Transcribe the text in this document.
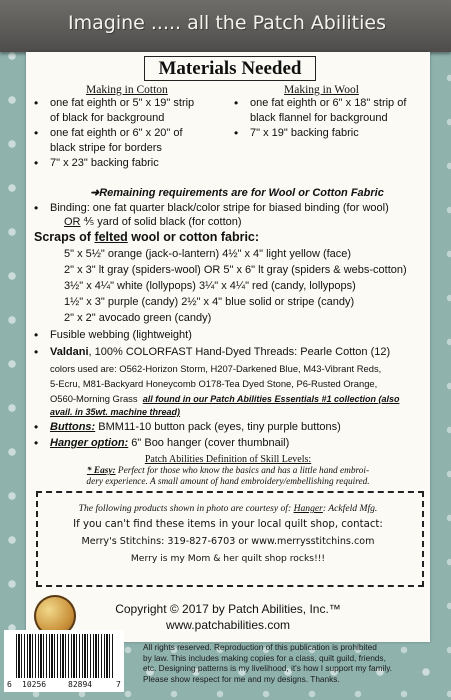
Imagine ..... all the Patch Abilities
Materials Needed
Making in Cotton	Making in Wool
• one fat eighth or 5" x 19" strip of black for background
• one fat eighth or 6" x 20" of black stripe for borders
• 7" x 23" backing fabric
• one fat eighth or 6" x 18" strip of black flannel for background
• 7" x 19" backing fabric
➜Remaining requirements are for Wool or Cotton Fabric
• Binding: one fat quarter black/color stripe for biased binding (for wool)
OR ⅘ yard of solid black (for cotton)
Scraps of felted wool or cotton fabric:
5" x 5½" orange (jack-o-lantern) 4½" x 4" light yellow (face)
2" x 3" lt gray (spiders-wool) OR 5" x 6" lt gray (spiders & webs-cotton)
3½" x 4¼" white (lollypops) 3¼" x 4¼" red (candy, lollypops)
1½" x 3" purple (candy) 2½" x 4" blue solid or stripe (candy)
2" x 2" avocado green (candy)
• Fusible webbing (lightweight)
• Valdani, 100% COLORFAST Hand-Dyed Threads: Pearle Cotton (12)
colors used are: O562-Horizon Storm, H207-Darkened Blue, M43-Vibrant Reds,
5-Ecru, M81-Backyard Honeycomb O178-Tea Dyed Stone, P6-Rusted Orange,
O560-Morning Grass all found in our Patch Abilities Essentials #1 collection (also
avail. in 35wt. machine thread)
• Buttons: BMM11-10 button pack (eyes, tiny purple buttons)
• Hanger option: 6" Boo hanger (cover thumbnail)
Patch Abilities Definition of Skill Levels:
* Easy: Perfect for those who know the basics and has a little hand embroi-
dery experience. A small amount of hand embroidery/embellishing required.
The following products shown in photo are courtesy of: Hanger: Ackfeld Mfg.
If you can't find these items in your local quilt shop, contact:
Merry's Stitchins: 319-827-6703 or www.merrysstitchins.com
Merry is my Mom & her quilt shop rocks!!!
Copyright © 2017 by Patch Abilities, Inc.™
www.patchabilities.com
6 10256	82894	7
All rights reserved. Reproduction of this publication is prohibited
by law. This includes making copies for a class, quilt guild, friends,
etc. Designing patterns is my livelihood, it's how I support my family.
Please show respect for me and my designs. Thanks.
